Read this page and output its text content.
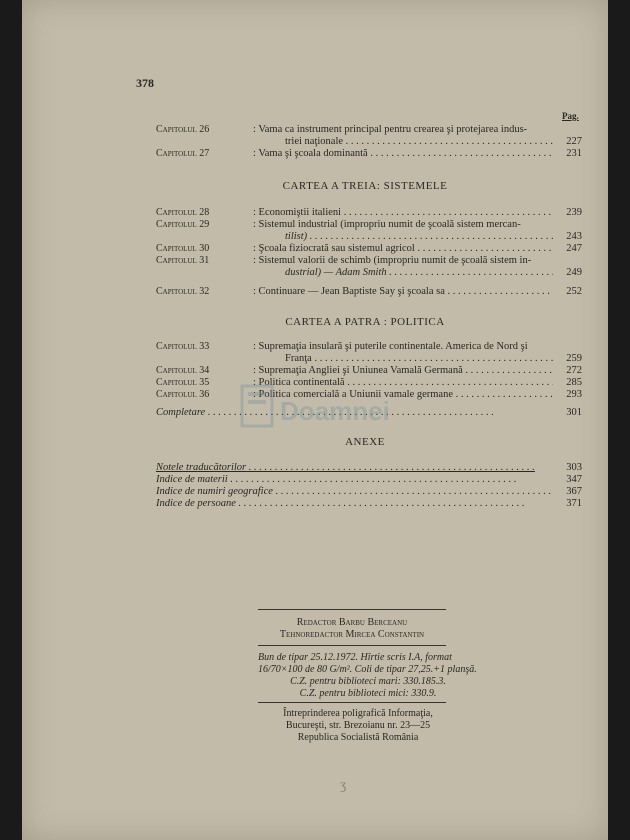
378
Pag.
Capitolul 26	: Vama ca instrument principal pentru crearea şi protejarea indus-
triei naţionale . . .	227
Capitolul 27	: Vama şi şcoala dominantă . . .	231
CARTEA A TREIA: SISTEMELE
Capitolul 28	: Economiştii italieni . . .	239
Capitolul 29	: Sistemul industrial (impropriu numit de şcoală sistem mercan-
tilist) . . .	243
Capitolul 30	: Şcoala fiziocrată sau sistemul agricol . . .	247
Capitolul 31	: Sistemul valorii de schimb (impropriu numit de şcoală sistem in-
dustrial) — Adam Smith . . .	249
Capitolul 32	: Continuare — Jean Baptiste Say şi şcoala sa . . .	252
CARTEA A PATRA : POLITICA
Capitolul 33	: Supremaţia insulară şi puterile continentale. America de Nord şi
Franţa . . .	259
Capitolul 34	: Supremaţia Angliei şi Uniunea Vamală Germană . . .	272
Capitolul 35	: Politica continentală . . .	285
Capitolul 36	: Politica comercială a Uniunii vamale germane . . .	293
Completare . . .	301
ANEXE
Notele traducătorilor . . .	303
Indice de materii . . .	347
Indice de numiri geografice . . .	367
Indice de persoane . . .	371
Redactor Barbu Berceanu
Tehnoredactor Mircea Constantin
Bun de tipar 25.12.1972. Hîrtie scris I.A, format
16/70×100 de 80 G/m². Coli de tipar 27,25.+1 planşă.
C.Z. pentru biblioteci mari: 330.185.3.
C.Z. pentru biblioteci mici: 330.9.
Întreprinderea poligrafică Informaţia,
Bucureşti, str. Brezoianu nr. 23—25
Republica Socialistă România
Doamnei
ʒ
